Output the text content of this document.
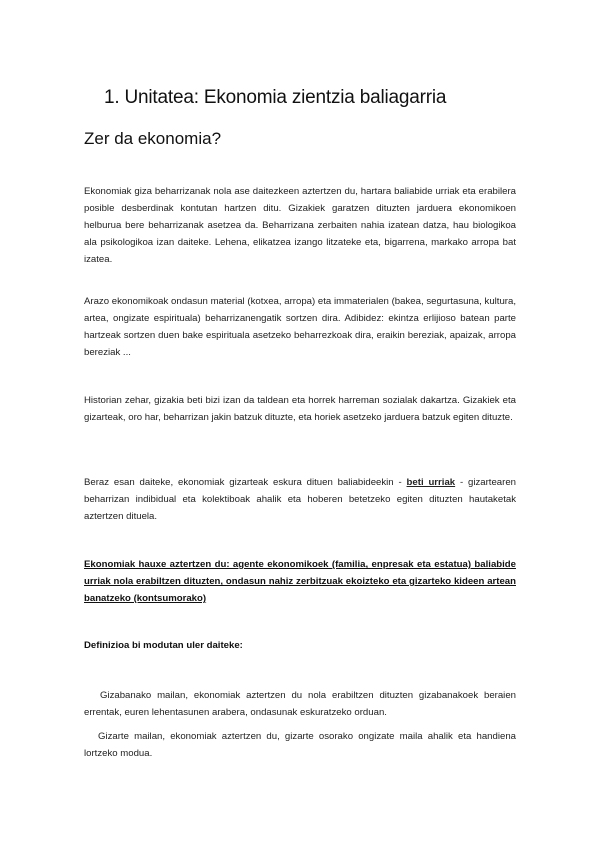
1. Unitatea: Ekonomia zientzia baliagarria
Zer da ekonomia?

Ekonomiak giza beharrizanak nola ase daitezkeen aztertzen du, hartara baliabide urriak eta erabilera posible desberdinak kontutan hartzen ditu. Gizakiek garatzen dituzten jarduera ekonomikoen helburua bere beharrizanak asetzea da. Beharrizana zerbaiten nahia izatean datza, hau biologikoa ala psikologikoa izan daiteke. Lehena, elikatzea izango litzateke eta, bigarrena, markako arropa bat izatea.

Arazo ekonomikoak ondasun material (kotxea, arropa) eta immaterialen (bakea, segurtasuna, kultura, artea, ongizate espirituala) beharrizanengatik sortzen dira. Adibidez: ekintza erlijioso batean parte hartzeak sortzen duen bake espirituala asetzeko beharrezkoak dira, eraikin bereziak, apaizak, arropa bereziak ...

Historian zehar, gizakia beti bizi izan da taldean eta horrek harreman sozialak dakartza. Gizakiek eta gizarteak, oro har, beharrizan jakin batzuk dituzte, eta horiek asetzeko jarduera batzuk egiten dituzte.

Beraz esan daiteke, ekonomiak gizarteak eskura dituen baliabideekin - beti urriak - gizartearen beharrizan indibidual eta kolektiboak ahalik eta hoberen betetzeko egiten dituzten hautaketak aztertzen dituela.

Ekonomiak hauxe aztertzen du: agente ekonomikoek (familia, enpresak eta estatua) baliabide urriak nola erabiltzen dituzten, ondasun nahiz zerbitzuak ekoizteko eta gizarteko kideen artean banatzeko (kontsumorako)

Definizioa bi modutan uler daiteke:

Gizabanako mailan, ekonomiak aztertzen du nola erabiltzen dituzten gizabanakoek beraien errentak, euren lehentasunen arabera, ondasunak eskuratzeko orduan.

Gizarte mailan, ekonomiak aztertzen du, gizarte osorako ongizate maila ahalik eta handiena lortzeko modua.
